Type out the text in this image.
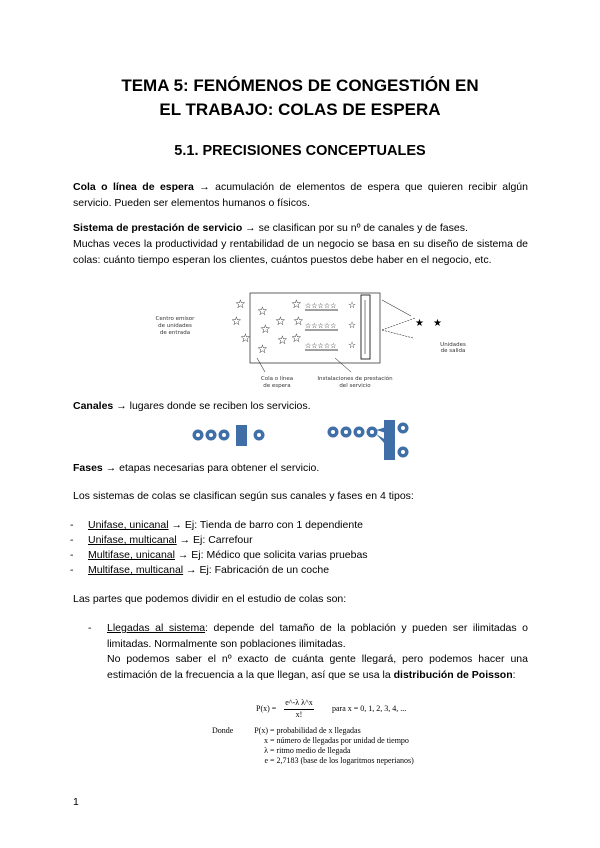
TEMA 5: FENÓMENOS DE CONGESTIÓN EN
EL TRABAJO: COLAS DE ESPERA
5.1. PRECISIONES CONCEPTUALES
Cola o línea de espera → acumulación de elementos de espera que quieren recibir algún servicio. Pueden ser elementos humanos o físicos.
Sistema de prestación de servicio → se clasifican por su nº de canales y de fases.
Muchas veces la productividad y rentabilidad de un negocio se basa en su diseño de sistema de colas: cuánto tiempo esperan los clientes, cuántos puestos debe haber en el negocio, etc.
☆
☆
☆
☆
☆
☆
☆
☆
☆
☆
☆
☆☆☆☆☆
☆☆☆☆☆
☆☆☆☆☆
☆
☆
☆
★ ★
Centro emisor
de unidades
de entrada
Unidades
de salida
Cola o línea
de espera
Instalaciones de prestación
del servicio
Canales → lugares donde se reciben los servicios.
Fases → etapas necesarias para obtener el servicio.
Los sistemas de colas se clasifican según sus canales y fases en 4 tipos:
- Unifase, unicanal → Ej: Tienda de barro con 1 dependiente
- Unifase, multicanal → Ej: Carrefour
- Multifase, unicanal → Ej: Médico que solicita varias pruebas
- Multifase, multicanal → Ej: Fabricación de un coche
Las partes que podemos dividir en el estudio de colas son:
- Llegadas al sistema: depende del tamaño de la población y pueden ser ilimitadas o limitadas. Normalmente son poblaciones ilimitadas.
No podemos saber el nº exacto de cuánta gente llegará, pero podemos hacer una estimación de la frecuencia a la que llegan, así que se usa la distribución de Poisson:
P(x) =
e^-λ λ^x
x!
para x = 0, 1, 2, 3, 4, ...
Donde	P(x) = probabilidad de x llegadas
x = número de llegadas por unidad de tiempo
λ = ritmo medio de llegada
e = 2,7183 (base de los logaritmos neperianos)
1
